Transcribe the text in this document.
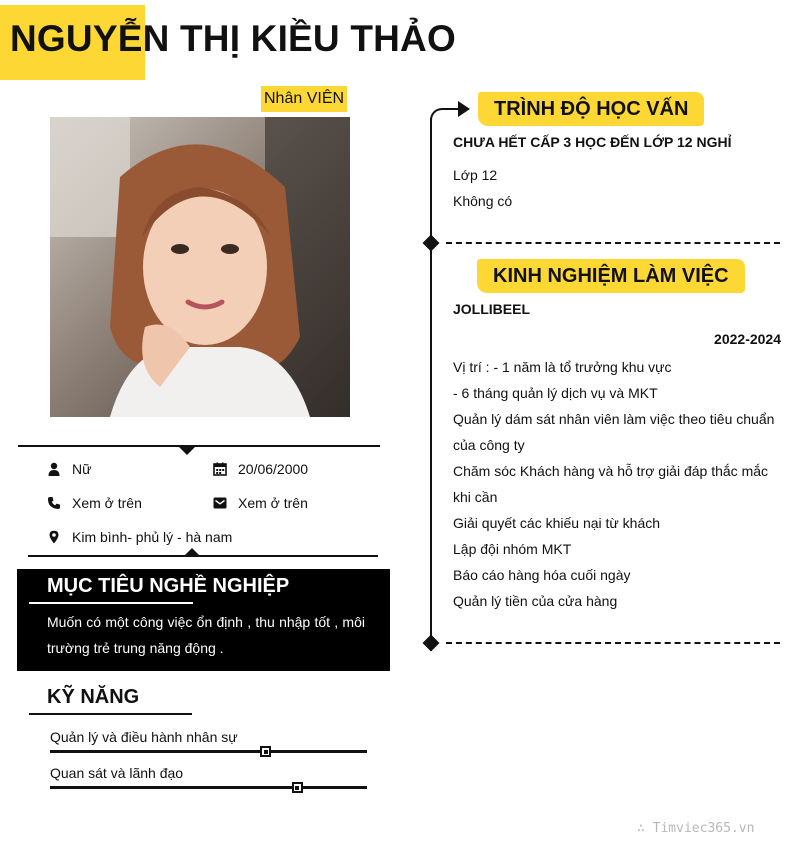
NGUYỄN THỊ KIỀU THẢO
Nhân VIÊN
Nữ	20/06/2000
Xem ở trên	Xem ở trên
Kim bình- phủ lý - hà nam
MỤC TIÊU NGHỀ NGHIỆP
Muốn có một công việc ổn định , thu nhập tốt , môi trường trẻ trung năng động .
KỸ NĂNG
Quản lý và điều hành nhân sự
Quan sát và lãnh đạo
TRÌNH ĐỘ HỌC VẤN
CHƯA HẾT CẤP 3 HỌC ĐẾN LỚP 12 NGHỈ
Lớp 12
Không có
KINH NGHIỆM LÀM VIỆC
JOLLIBEEL
2022-2024
Vị trí : - 1 năm là tổ trưởng khu vực
- 6 tháng quản lý dịch vụ và MKT
Quản lý dám sát nhân viên làm việc theo tiêu chuẩn
của công ty
Chăm sóc Khách hàng và hỗ trợ giải đáp thắc mắc
khi cần
Giải quyết các khiếu nại từ khách
Lập đội nhóm MKT
Báo cáo hàng hóa cuối ngày
Quản lý tiền của cửa hàng
∴ Timviec365.vn
